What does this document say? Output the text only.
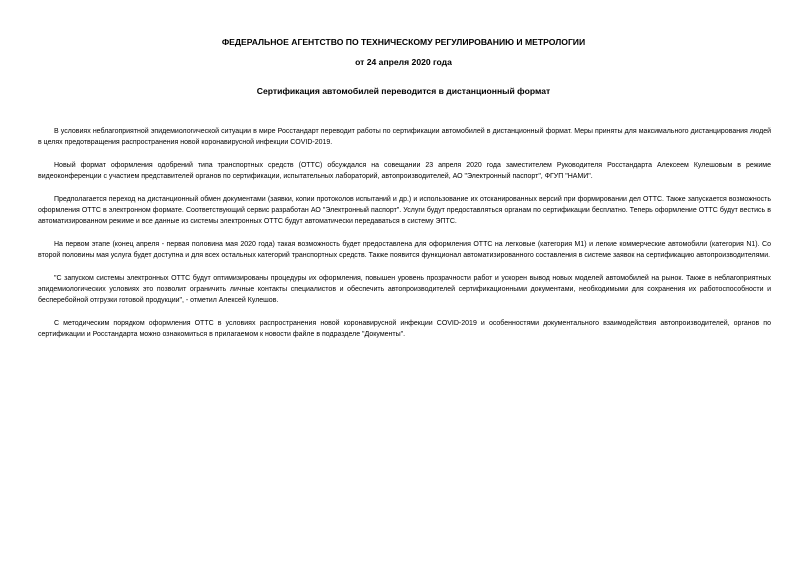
ФЕДЕРАЛЬНОЕ АГЕНТСТВО ПО ТЕХНИЧЕСКОМУ РЕГУЛИРОВАНИЮ И МЕТРОЛОГИИ
от 24 апреля 2020 года
Сертификация автомобилей переводится в дистанционный формат

В условиях неблагоприятной эпидемиологической ситуации в мире Росстандарт переводит работы по сертификации автомобилей в дистанционный формат. Меры приняты для максимального дистанцирования людей в целях предотвращения распространения новой коронавирусной инфекции COVID-2019.

Новый формат оформления одобрений типа транспортных средств (ОТТС) обсуждался на совещании 23 апреля 2020 года заместителем Руководителя Росстандарта Алексеем Кулешовым в режиме видеоконференции с участием представителей органов по сертификации, испытательных лабораторий, автопроизводителей, АО "Электронный паспорт", ФГУП "НАМИ".

Предполагается переход на дистанционный обмен документами (заявки, копии протоколов испытаний и др.) и использование их отсканированных версий при формировании дел ОТТС. Также запускается возможность оформления ОТТС в электронном формате. Соответствующий сервис разработан АО "Электронный паспорт". Услуги будут предоставляться органам по сертификации бесплатно. Теперь оформление ОТТС будут вестись в автоматизированном режиме и все данные из системы электронных ОТТС будут автоматически передаваться в систему ЭПТС.

На первом этапе (конец апреля - первая половина мая 2020 года) такая возможность будет предоставлена для оформления ОТТС на легковые (категория М1) и легкие коммерческие автомобили (категория N1). Со второй половины мая услуга будет доступна и для всех остальных категорий транспортных средств. Также появится функционал автоматизированного составления в системе заявок на сертификацию автопроизводителями.

"С запуском системы электронных ОТТС будут оптимизированы процедуры их оформления, повышен уровень прозрачности работ и ускорен вывод новых моделей автомобилей на рынок. Также в неблагоприятных эпидемиологических условиях это позволит ограничить личные контакты специалистов и обеспечить автопроизводителей сертификационными документами, необходимыми для сохранения их работоспособности и бесперебойной отгрузки готовой продукции", - отметил Алексей Кулешов.

С методическим порядком оформления ОТТС в условиях распространения новой коронавирусной инфекции COVID-2019 и особенностями документального взаимодействия автопроизводителей, органов по сертификации и Росстандарта можно ознакомиться в прилагаемом к новости файле в подразделе "Документы".
